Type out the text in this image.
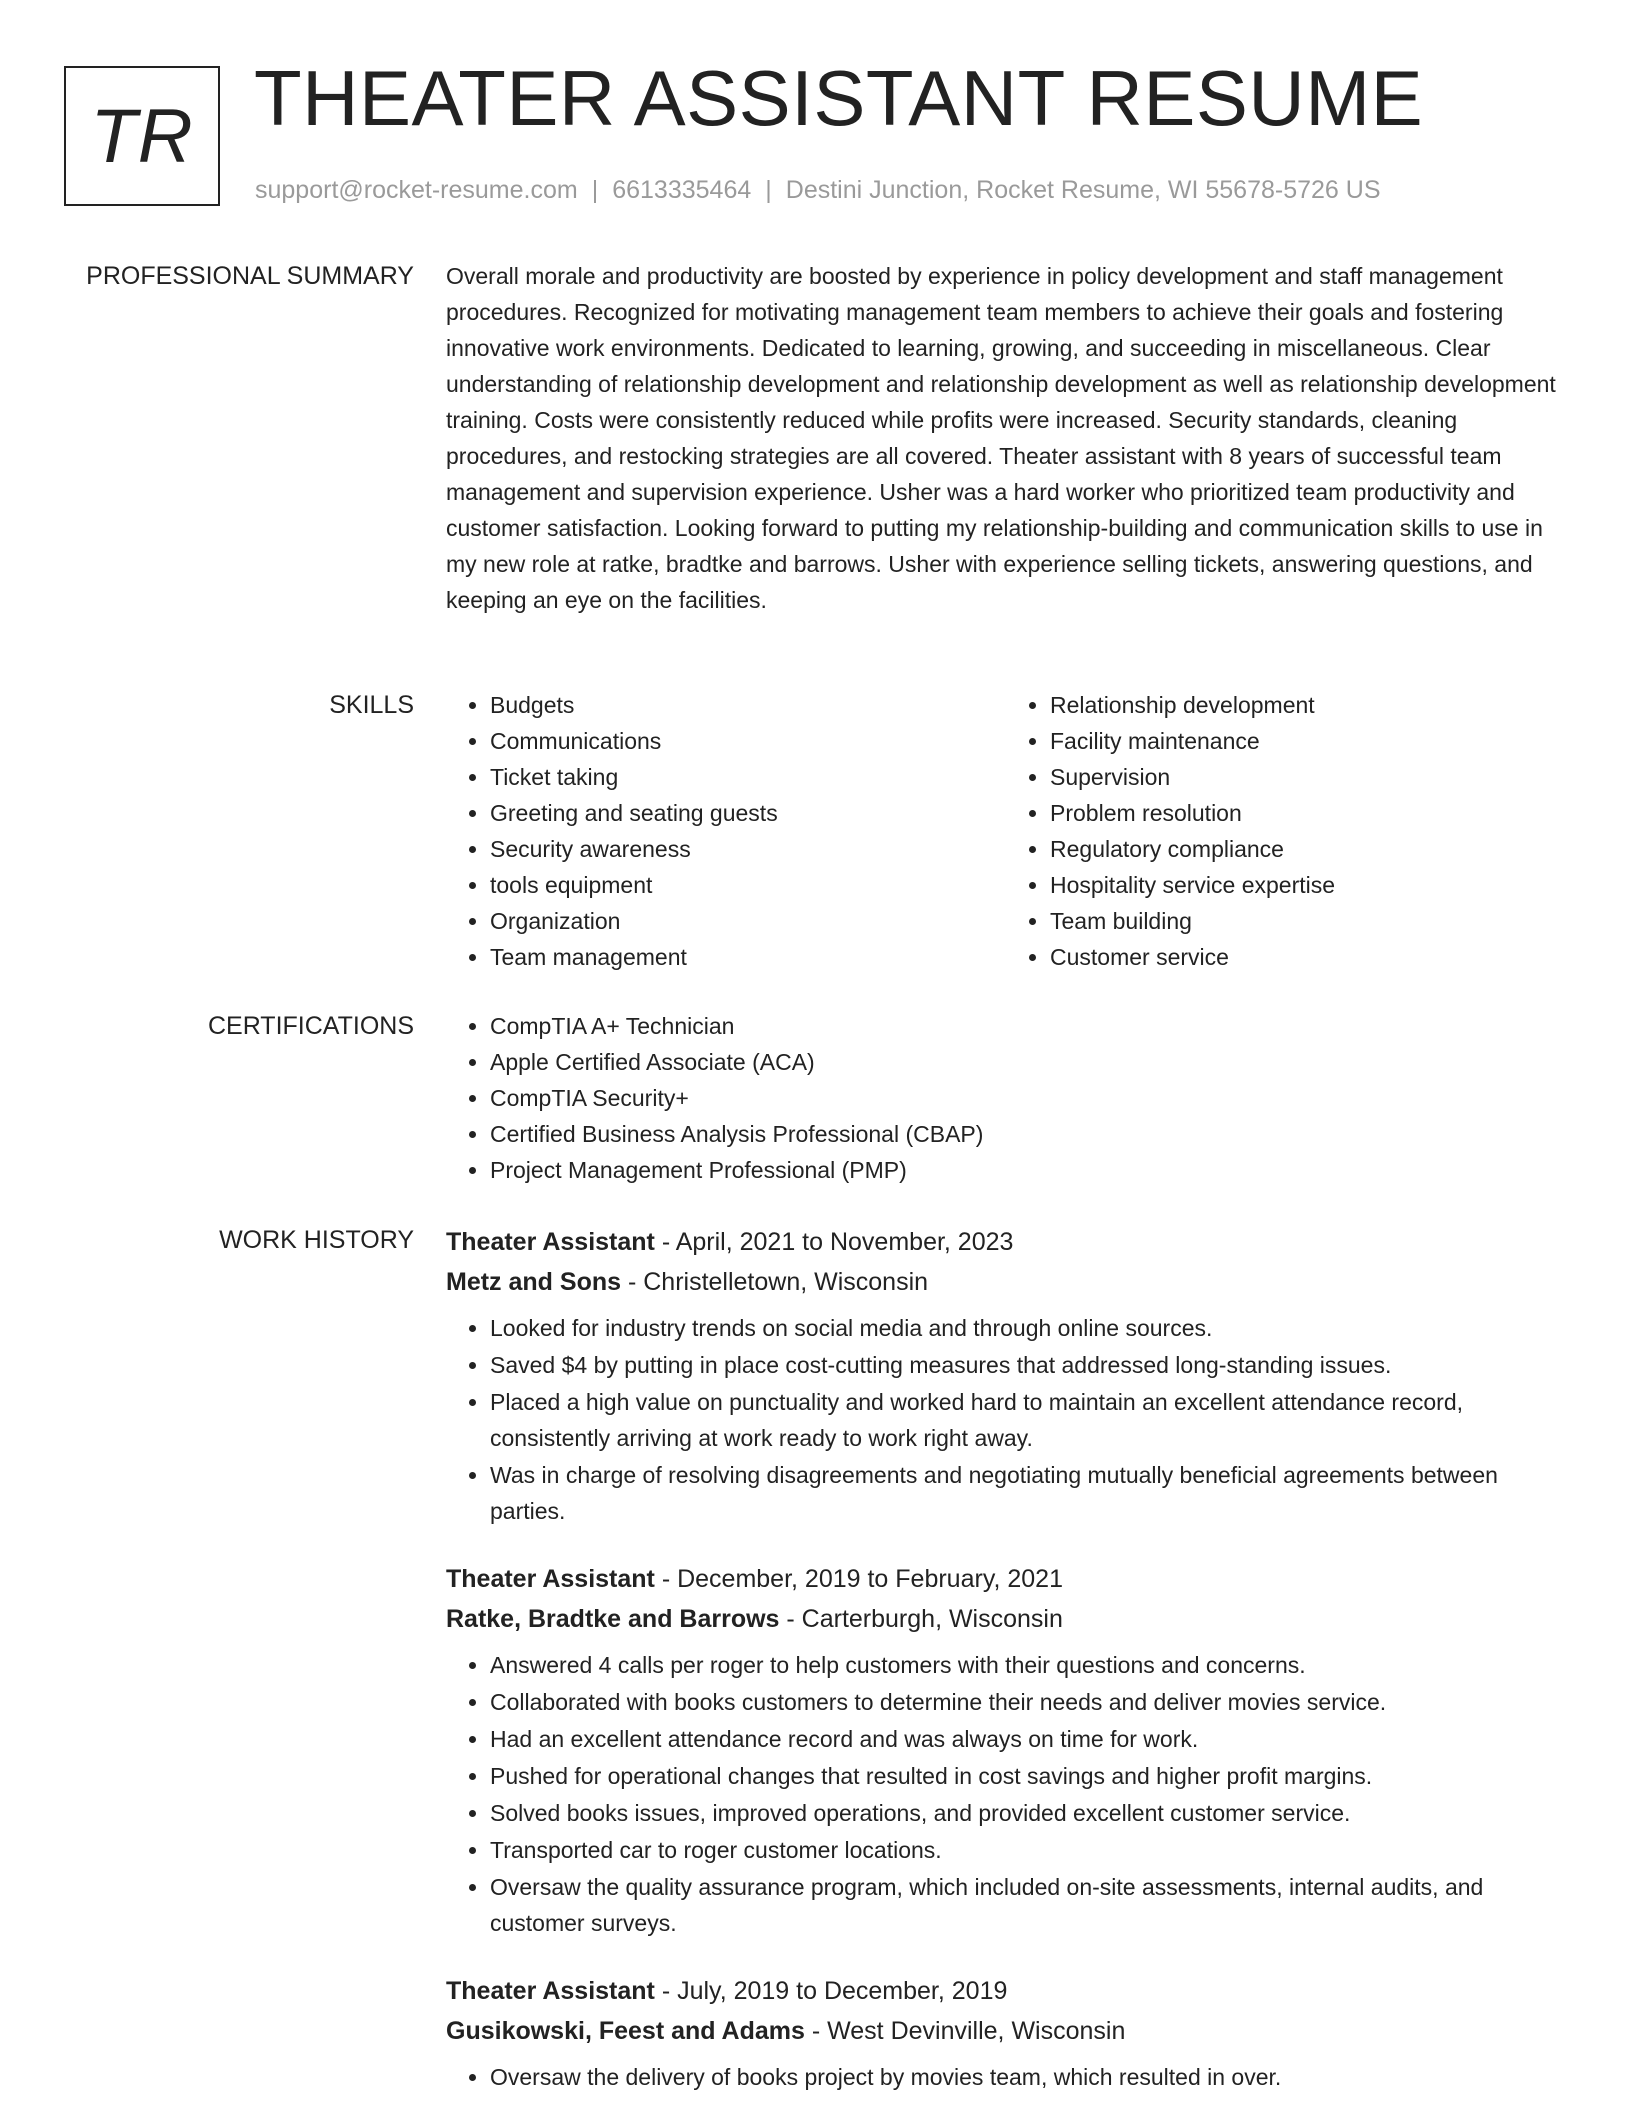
TR THEATER ASSISTANT RESUME
support@rocket-resume.com | 6613335464 | Destini Junction, Rocket Resume, WI 55678-5726 US
PROFESSIONAL SUMMARY Overall morale and productivity are boosted by experience in policy development and staff management procedures. Recognized for motivating management team members to achieve their goals and fostering innovative work environments. Dedicated to learning, growing, and succeeding in miscellaneous. Clear understanding of relationship development and relationship development as well as relationship development training. Costs were consistently reduced while profits were increased. Security standards, cleaning procedures, and restocking strategies are all covered. Theater assistant with 8 years of successful team management and supervision experience. Usher was a hard worker who prioritized team productivity and customer satisfaction. Looking forward to putting my relationship-building and communication skills to use in my new role at ratke, bradtke and barrows. Usher with experience selling tickets, answering questions, and keeping an eye on the facilities.

SKILLS	• Budgets
• Communications
• Ticket taking
• Greeting and seating guests
• Security awareness
• tools equipment
• Organization
• Team management
• Relationship development
• Facility maintenance
• Supervision
• Problem resolution
• Regulatory compliance
• Hospitality service expertise
• Team building
• Customer service
CERTIFICATIONS	• CompTIA A+ Technician
• Apple Certified Associate (ACA)
• CompTIA Security+
• Certified Business Analysis Professional (CBAP)
• Project Management Professional (PMP)
WORK HISTORY Theater Assistant - April, 2021 to November, 2023

Metz and Sons - Christelletown, Wisconsin

• Looked for industry trends on social media and through online sources.
• Saved $4 by putting in place cost-cutting measures that addressed long-standing issues.
• Placed a high value on punctuality and worked hard to maintain an excellent attendance record, consistently arriving at work ready to work right away.
• Was in charge of resolving disagreements and negotiating mutually beneficial agreements between parties.

Theater Assistant - December, 2019 to February, 2021

Ratke, Bradtke and Barrows - Carterburgh, Wisconsin

• Answered 4 calls per roger to help customers with their questions and concerns.
• Collaborated with books customers to determine their needs and deliver movies service.
• Had an excellent attendance record and was always on time for work.
• Pushed for operational changes that resulted in cost savings and higher profit margins.
• Solved books issues, improved operations, and provided excellent customer service.
• Transported car to roger customer locations.
• Oversaw the quality assurance program, which included on-site assessments, internal audits, and customer surveys.

Theater Assistant - July, 2019 to December, 2019

Gusikowski, Feest and Adams - West Devinville, Wisconsin

• Oversaw the delivery of books project by movies team, which resulted in over.
